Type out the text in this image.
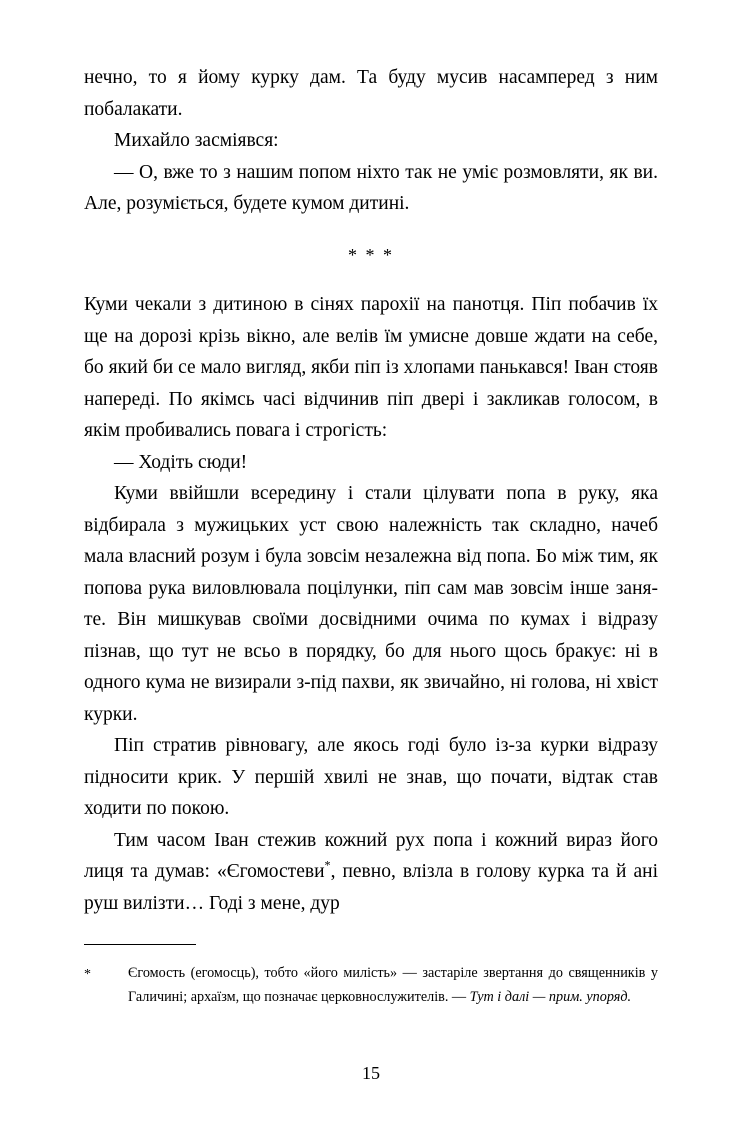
нечно, то я йому курку дам. Та буду мусив насамперед з ним побалакати.

Михайло засміявся:

— О, вже то з нашим попом ніхто так не уміє розмовляти, як ви. Але, розуміється, будете кумом дитині.

* * *

Куми чекали з дитиною в сінях парохії на панотця. Піп побачив їх ще на дорозі крізь вікно, але велів їм умисне довше ждати на себе, бо який би се мало вигляд, якби піп із хлопами панькався! Іван стояв напереді. По якімсь часі відчинив піп двері і закликав голосом, в якім пробивались повага і строгість:

— Ходіть сюди!

Куми ввійшли всередину і стали цілувати попа в руку, яка відбирала з мужицьких уст свою належність так складно, начеб мала власний розум і була зовсім незалежна від попа. Бо між тим, як попова рука виловлювала поцілунки, піп сам мав зовсім інше заняте. Він мишкував своїми досвідними очима по кумах і відразу пізнав, що тут не всьо в порядку, бо для нього щось бракує: ні в одного кума не визирали з-під пахви, як звичайно, ні голова, ні хвіст курки.

Піп стратив рівновагу, але якось годі було із-за курки відразу підносити крик. У першій хвилі не знав, що почати, відтак став ходити по покою.

Тим часом Іван стежив кожний рух попа і кожний вираз його лиця та думав: «Єгомостеви*, певно, влізла в голову курка та й ані руш вилізти… Годі з мене, дур

*	Єгомость (егомосць), тобто «його милість» — застаріле звертання до священників у Галичині; архаїзм, що позначає церковнослужителів. — Тут і далі — прим. упоряд.
15
